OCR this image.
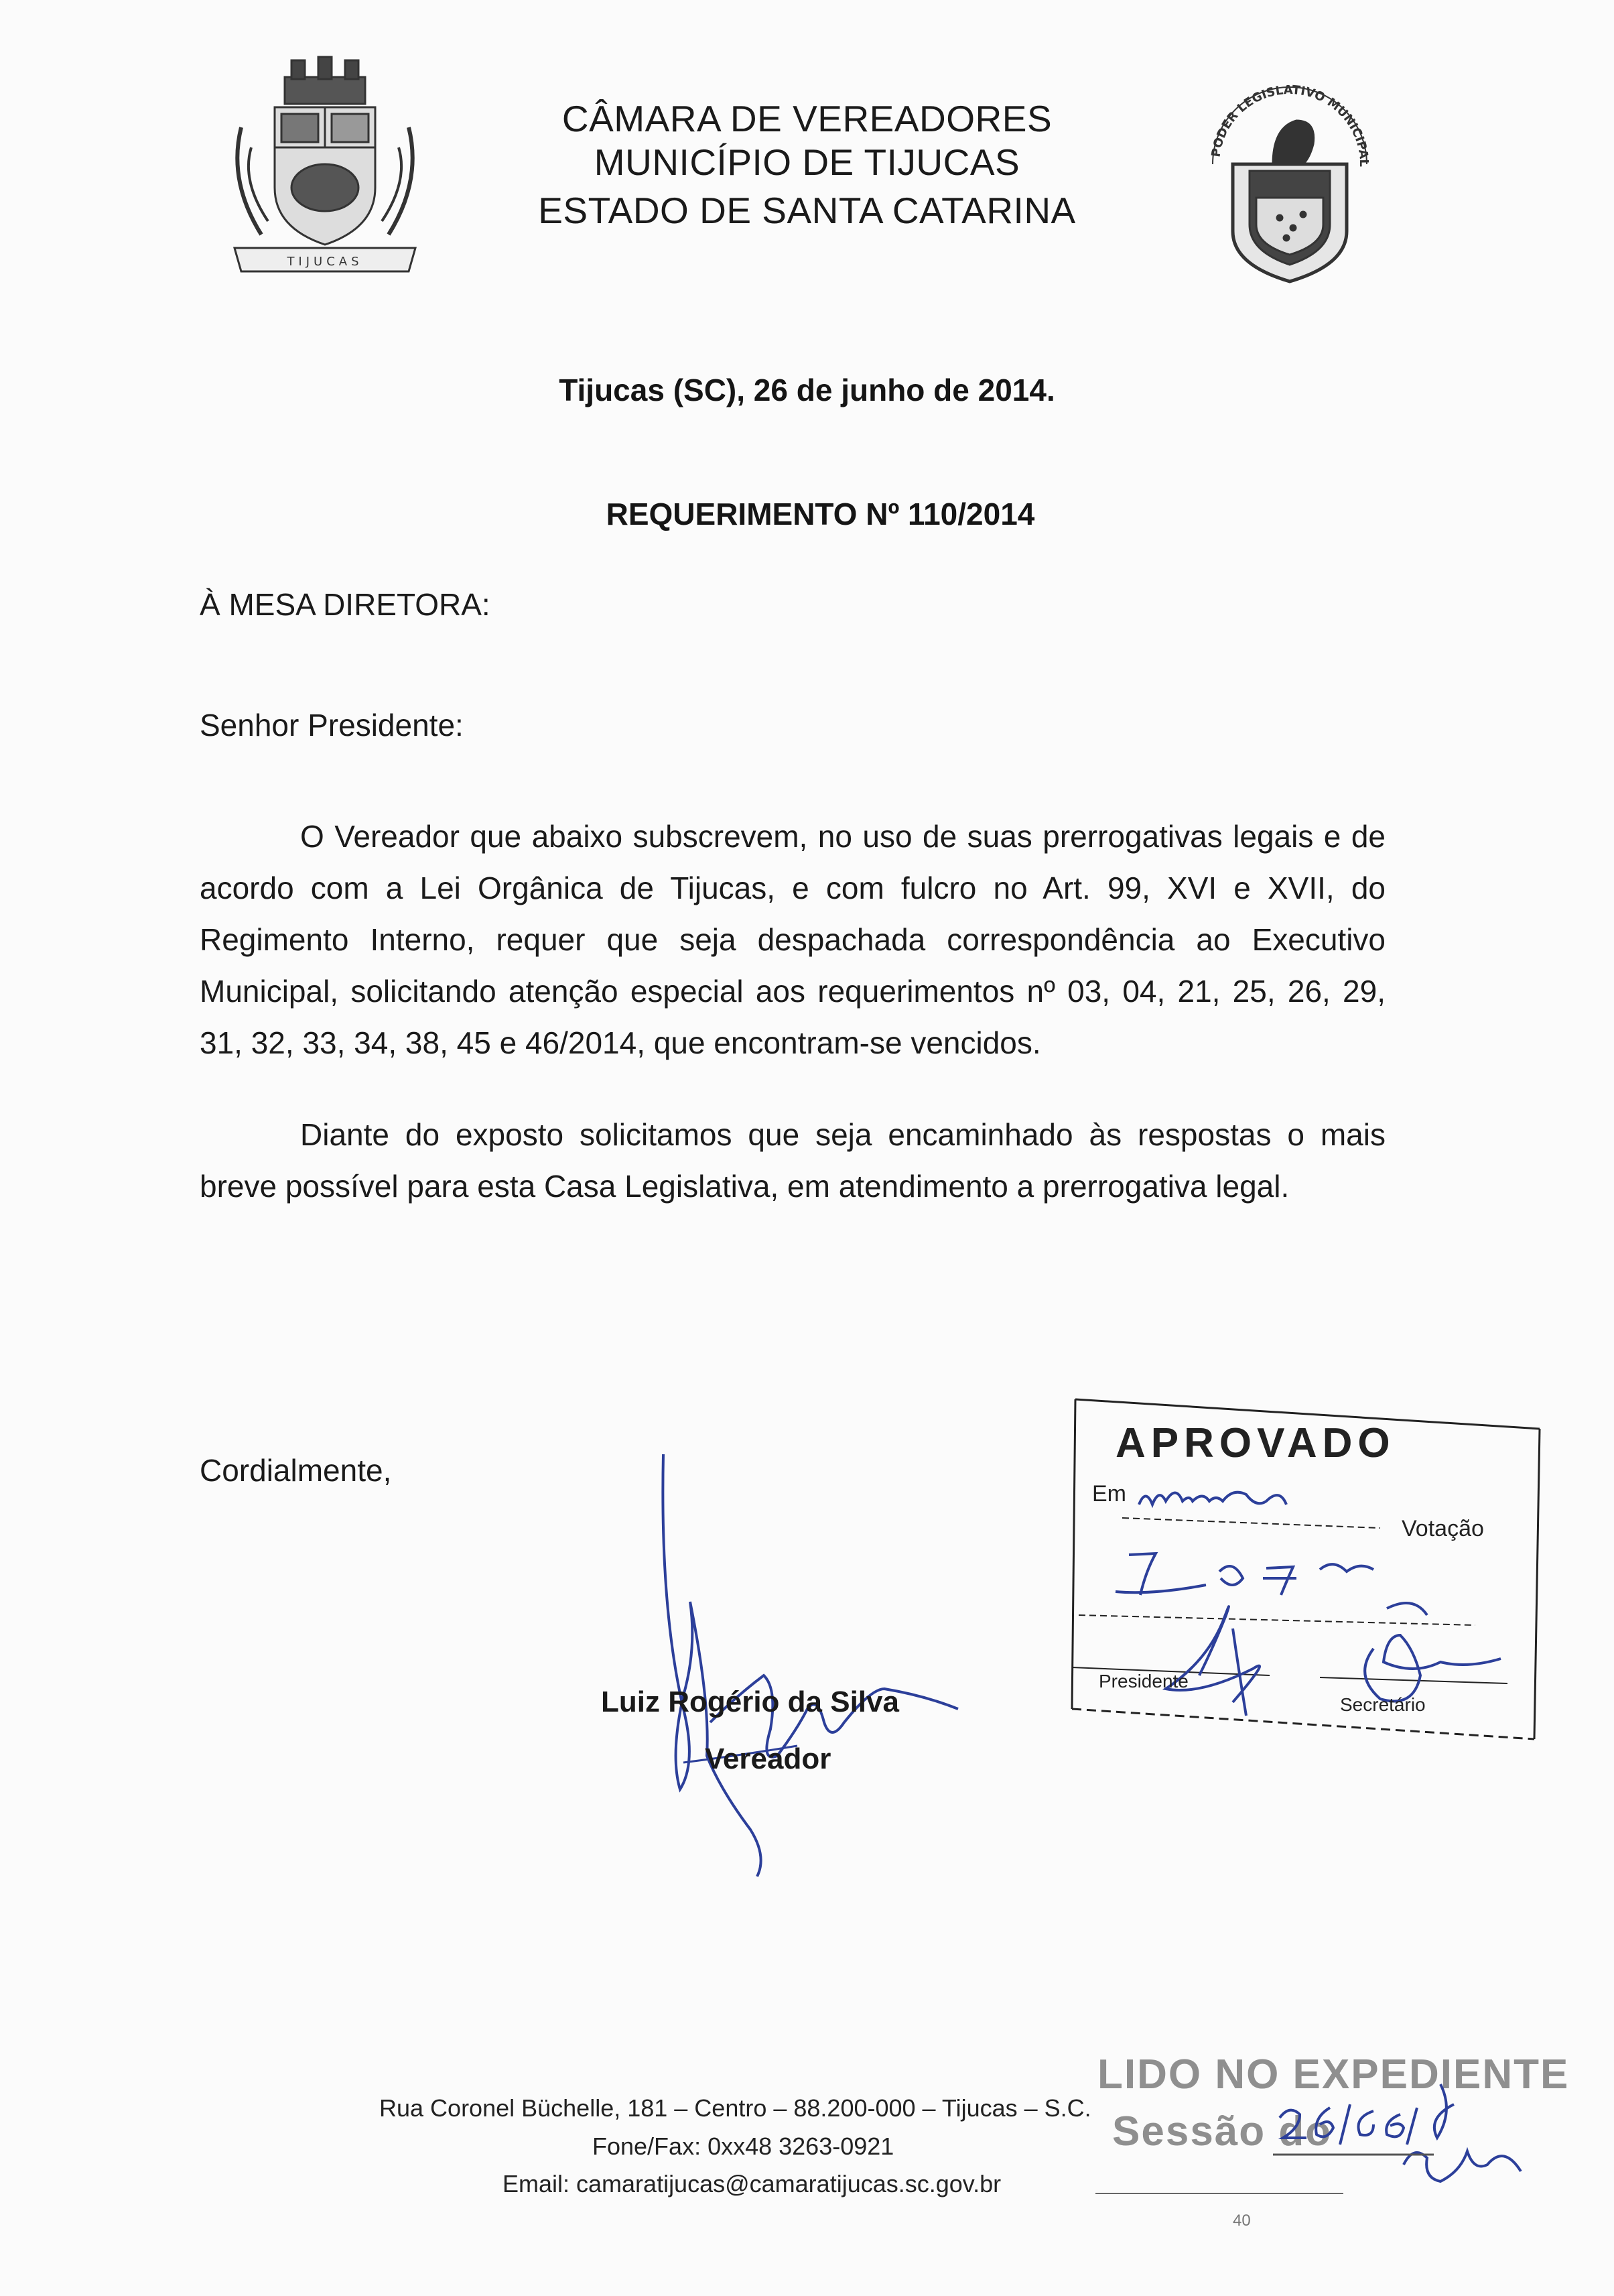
TIJUCAS
CÂMARA DE VEREADORES
MUNICÍPIO DE TIJUCAS
ESTADO DE SANTA CATARINA
PODER LEGISLATIVO MUNICIPAL
Tijucas (SC), 26 de junho de 2014.
REQUERIMENTO Nº 110/2014
À MESA DIRETORA:
Senhor Presidente:
O Vereador que abaixo subscrevem, no uso de suas prerrogativas legais e de acordo com a Lei Orgânica de Tijucas, e com fulcro no Art. 99, XVI e XVII, do Regimento Interno, requer que seja despachada correspondência ao Executivo Municipal, solicitando atenção especial aos requerimentos nº 03, 04, 21, 25, 26, 29, 31, 32, 33, 34, 38, 45 e 46/2014, que encontram-se vencidos.
Diante do exposto solicitamos que seja encaminhado às respostas o mais breve possível para esta Casa Legislativa, em atendimento a prerrogativa legal.
Cordialmente,
Luiz Rogério da Silva
Vereador
APROVADO
Em
Votação
Presidente
Secretário
LIDO NO EXPEDIENTE
Sessão do
Rua Coronel Büchelle, 181 – Centro – 88.200-000 – Tijucas – S.C.
Fone/Fax: 0xx48 3263-0921
Email: camaratijucas@camaratijucas.sc.gov.br
40
